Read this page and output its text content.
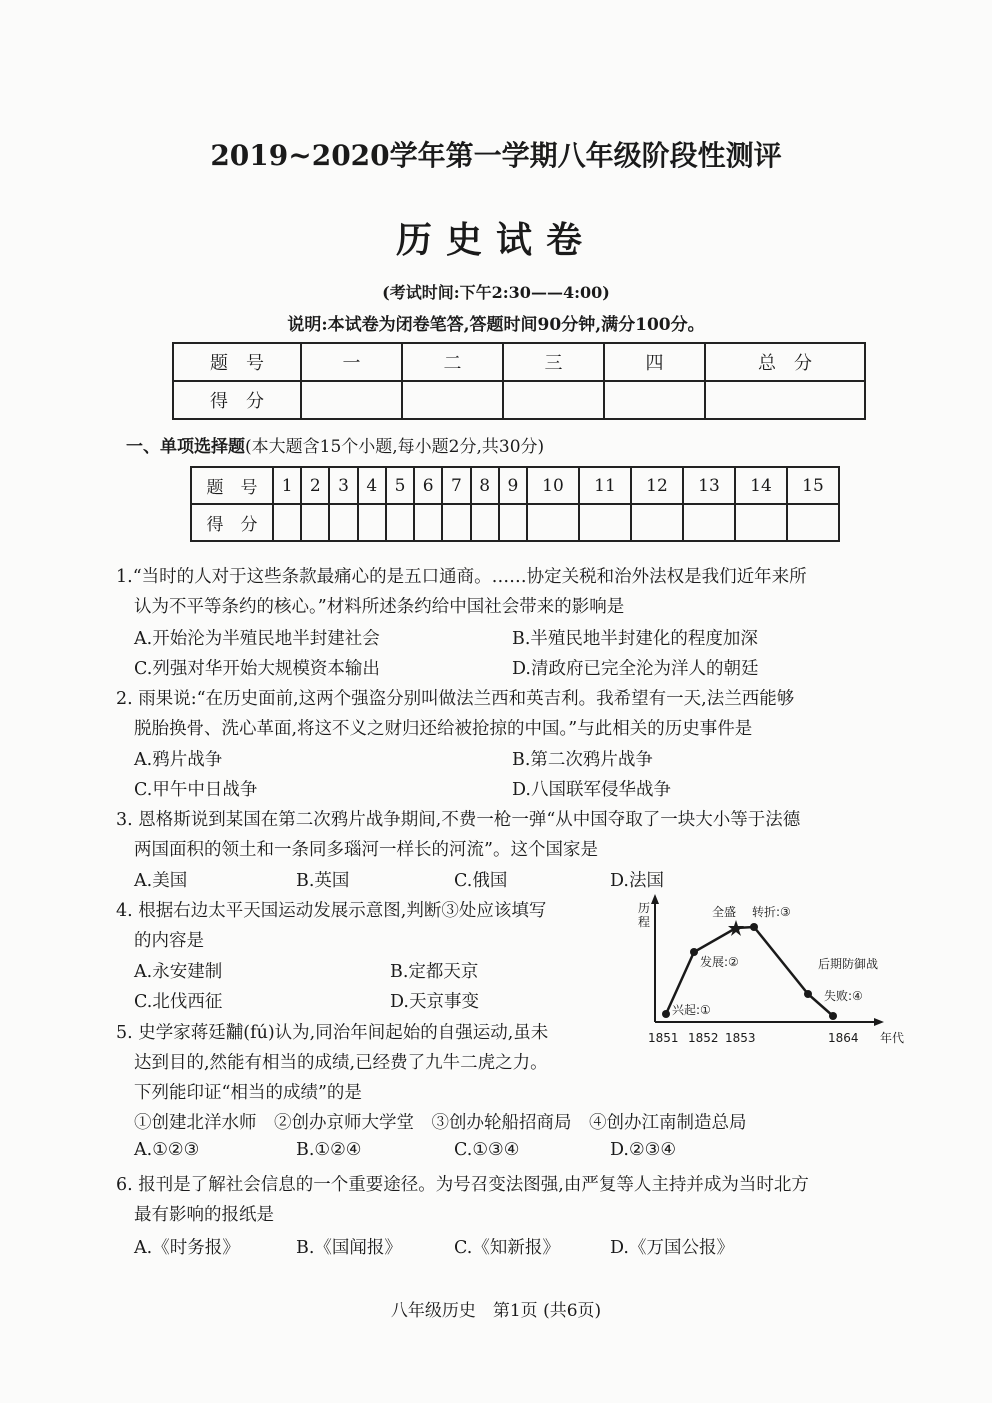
2019~2020学年第一学期八年级阶段性测评
历史试卷
(考试时间:下午2:30——4:00)
说明:本试卷为闭卷笔答,答题时间90分钟,满分100分。
题　号	一	二	三	四	总　分
得　分					
一、单项选择题(本大题含15个小题,每小题2分,共30分)
题　号	1	2	3	4	5	6	7	8	9	10	11	12	13	14	15
得　分															
1.“当时的人对于这些条款最痛心的是五口通商。……协定关税和治外法权是我们近年来所
认为不平等条约的核心。”材料所述条约给中国社会带来的影响是
A.开始沦为半殖民地半封建社会	B.半殖民地半封建化的程度加深
C.列强对华开始大规模资本输出	D.清政府已完全沦为洋人的朝廷
2. 雨果说:“在历史面前,这两个强盗分别叫做法兰西和英吉利。我希望有一天,法兰西能够
脱胎换骨、洗心革面,将这不义之财归还给被抢掠的中国。”与此相关的历史事件是
A.鸦片战争	B.第二次鸦片战争
C.甲午中日战争	D.八国联军侵华战争
3. 恩格斯说到某国在第二次鸦片战争期间,不费一枪一弹“从中国夺取了一块大小等于法德
两国面积的领土和一条同多瑙河一样长的河流”。这个国家是
A.美国	B.英国	C.俄国	D.法国
4. 根据右边太平天国运动发展示意图,判断③处应该填写
的内容是
A.永安建制	B.定都天京
C.北伐西征	D.天京事变
5. 史学家蒋廷黼(fú)认为,同治年间起始的自强运动,虽未
达到目的,然能有相当的成绩,已经费了九牛二虎之力。
下列能印证“相当的成绩”的是
①创建北洋水师　②创办京师大学堂　③创办轮船招商局　④创办江南制造总局
A.①②③	B.①②④	C.①③④	D.②③④
6. 报刊是了解社会信息的一个重要途径。为号召变法图强,由严复等人主持并成为当时北方
最有影响的报纸是
A.《时务报》	B.《国闻报》	C.《知新报》	D.《万国公报》
历
程
年代
1851 1852 1853	1864
兴起:①
发展:②
全盛 转折:③
后期防御战
失败:④
八年级历史　第1页 (共6页)
